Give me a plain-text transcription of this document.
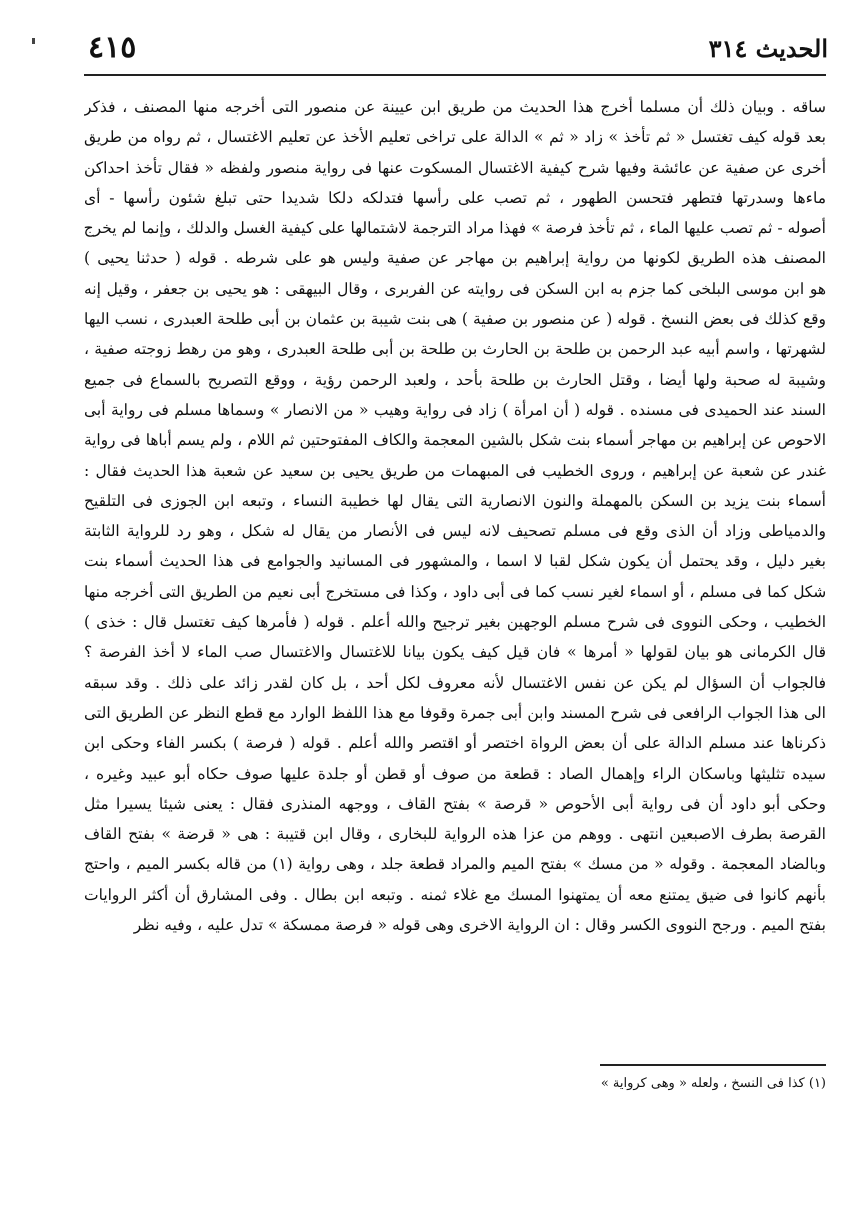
الحديث ٣١٤
٤١٥
ساقه . وبيان ذلك أن مسلما أخرج هذا الحديث من طريق ابن عيينة عن منصور التى أخرجه منها المصنف ، فذكر
بعد قوله كيف تغتسل « ثم تأخذ » زاد « ثم » الدالة على تراخى تعليم الأخذ عن تعليم الاغتسال ، ثم رواه من طريق
أخرى عن صفية عن عائشة وفيها شرح كيفية الاغتسال المسكوت عنها فى رواية منصور ولفظه « فقال تأخذ احداكن
ماءها وسدرتها فتطهر فتحسن الطهور ، ثم تصب على رأسها فتدلكه دلكا شديدا حتى تبلغ شئون رأسها - أى
أصوله - ثم تصب عليها الماء ، ثم تأخذ فرصة » فهذا مراد الترجمة لاشتمالها على كيفية الغسل والدلك ، وإنما لم يخرج
المصنف هذه الطريق لكونها من رواية إبراهيم بن مهاجر عن صفية وليس هو على شرطه . قوله ( حدثنا يحيى )
هو ابن موسى البلخى كما جزم به ابن السكن فى روايته عن الفربرى ، وقال البيهقى : هو يحيى بن جعفر ، وقيل إنه
وقع كذلك فى بعض النسخ . قوله ( عن منصور بن صفية ) هى بنت شيبة بن عثمان بن أبى طلحة العبدرى ، نسب اليها
لشهرتها ، واسم أبيه عبد الرحمن بن طلحة بن الحارث بن طلحة بن أبى طلحة العبدرى ، وهو من رهط زوجته صفية ،
وشيبة له صحبة ولها أيضا ، وقتل الحارث بن طلحة بأحد ، ولعبد الرحمن رؤية ، ووقع التصريح بالسماع فى جميع
السند عند الحميدى فى مسنده . قوله ( أن امرأة ) زاد فى رواية وهيب « من الانصار » وسماها مسلم فى رواية أبى
الاحوص عن إبراهيم بن مهاجر أسماء بنت شكل بالشين المعجمة والكاف المفتوحتين ثم اللام ، ولم يسم أباها فى رواية
غندر عن شعبة عن إبراهيم ، وروى الخطيب فى المبهمات من طريق يحيى بن سعيد عن شعبة هذا الحديث فقال :
أسماء بنت يزيد بن السكن بالمهملة والنون الانصارية التى يقال لها خطيبة النساء ، وتبعه ابن الجوزى فى التلقيح
والدمياطى وزاد أن الذى وقع فى مسلم تصحيف لانه ليس فى الأنصار من يقال له شكل ، وهو رد للرواية الثابتة
بغير دليل ، وقد يحتمل أن يكون شكل لقبا لا اسما ، والمشهور فى المسانيد والجوامع فى هذا الحديث أسماء بنت
شكل كما فى مسلم ، أو اسماء لغير نسب كما فى أبى داود ، وكذا فى مستخرج أبى نعيم من الطريق التى أخرجه منها
الخطيب ، وحكى النووى فى شرح مسلم الوجهين بغير ترجيح والله أعلم . قوله ( فأمرها كيف تغتسل قال : خذى )
قال الكرمانى هو بيان لقولها « أمرها » فان قيل كيف يكون بيانا للاغتسال والاغتسال صب الماء لا أخذ الفرصة ؟
فالجواب أن السؤال لم يكن عن نفس الاغتسال لأنه معروف لكل أحد ، بل كان لقدر زائد على ذلك . وقد سبقه
الى هذا الجواب الرافعى فى شرح المسند وابن أبى جمرة وقوفا مع هذا اللفظ الوارد مع قطع النظر عن الطريق التى
ذكرناها عند مسلم الدالة على أن بعض الرواة اختصر أو اقتصر والله أعلم . قوله ( فرصة ) بكسر الفاء وحكى ابن
سيده تثليثها وباسكان الراء وإهمال الصاد : قطعة من صوف أو قطن أو جلدة عليها صوف حكاه أبو عبيد وغيره ،
وحكى أبو داود أن فى رواية أبى الأحوص « قرصة » بفتح القاف ، ووجهه المنذرى فقال : يعنى شيئا يسيرا مثل
القرصة بطرف الاصبعين انتهى . ووهم من عزا هذه الرواية للبخارى ، وقال ابن قتيبة : هى « قرضة » بفتح القاف
وبالضاد المعجمة . وقوله « من مسك » بفتح الميم والمراد قطعة جلد ، وهى رواية (١) من قاله بكسر الميم ، واحتج
بأنهم كانوا فى ضيق يمتنع معه أن يمتهنوا المسك مع غلاء ثمنه . وتبعه ابن بطال . وفى المشارق أن أكثر الروايات
بفتح الميم . ورجح النووى الكسر وقال : ان الرواية الاخرى وهى قوله « فرصة ممسكة » تدل عليه ، وفيه نظر
(١) كذا فى النسخ ، ولعله « وهى كرواية »
